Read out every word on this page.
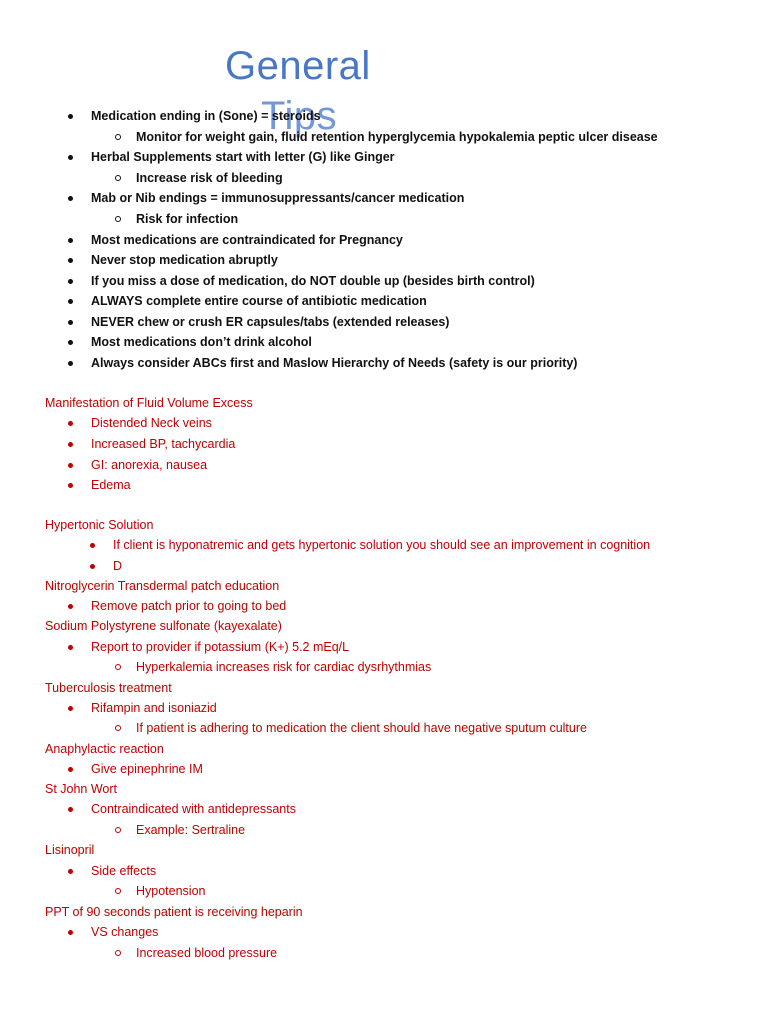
General
Tips
Medication ending in (Sone) = steroids
Monitor for weight gain, fluid retention hyperglycemia hypokalemia peptic ulcer disease
Herbal Supplements start with letter (G) like Ginger
Increase risk of bleeding
Mab or Nib endings = immunosuppressants/cancer medication
Risk for infection
Most medications are contraindicated for Pregnancy
Never stop medication abruptly
If you miss a dose of medication, do NOT double up (besides birth control)
ALWAYS complete entire course of antibiotic medication
NEVER chew or crush ER capsules/tabs (extended releases)
Most medications don’t drink alcohol
Always consider ABCs first and Maslow Hierarchy of Needs (safety is our priority)
Manifestation of Fluid Volume Excess
Distended Neck veins
Increased BP, tachycardia
GI: anorexia, nausea
Edema
Hypertonic Solution
If client is hyponatremic and gets hypertonic solution you should see an improvement in cognition
D
Nitroglycerin Transdermal patch education
Remove patch prior to going to bed
Sodium Polystyrene sulfonate (kayexalate)
Report to provider if potassium (K+) 5.2 mEq/L
Hyperkalemia increases risk for cardiac dysrhythmias
Tuberculosis treatment
Rifampin and isoniazid
If patient is adhering to medication the client should have negative sputum culture
Anaphylactic reaction
Give epinephrine IM
St John Wort
Contraindicated with antidepressants
Example: Sertraline
Lisinopril
Side effects
Hypotension
PPT of 90 seconds patient is receiving heparin
VS changes
Increased blood pressure
